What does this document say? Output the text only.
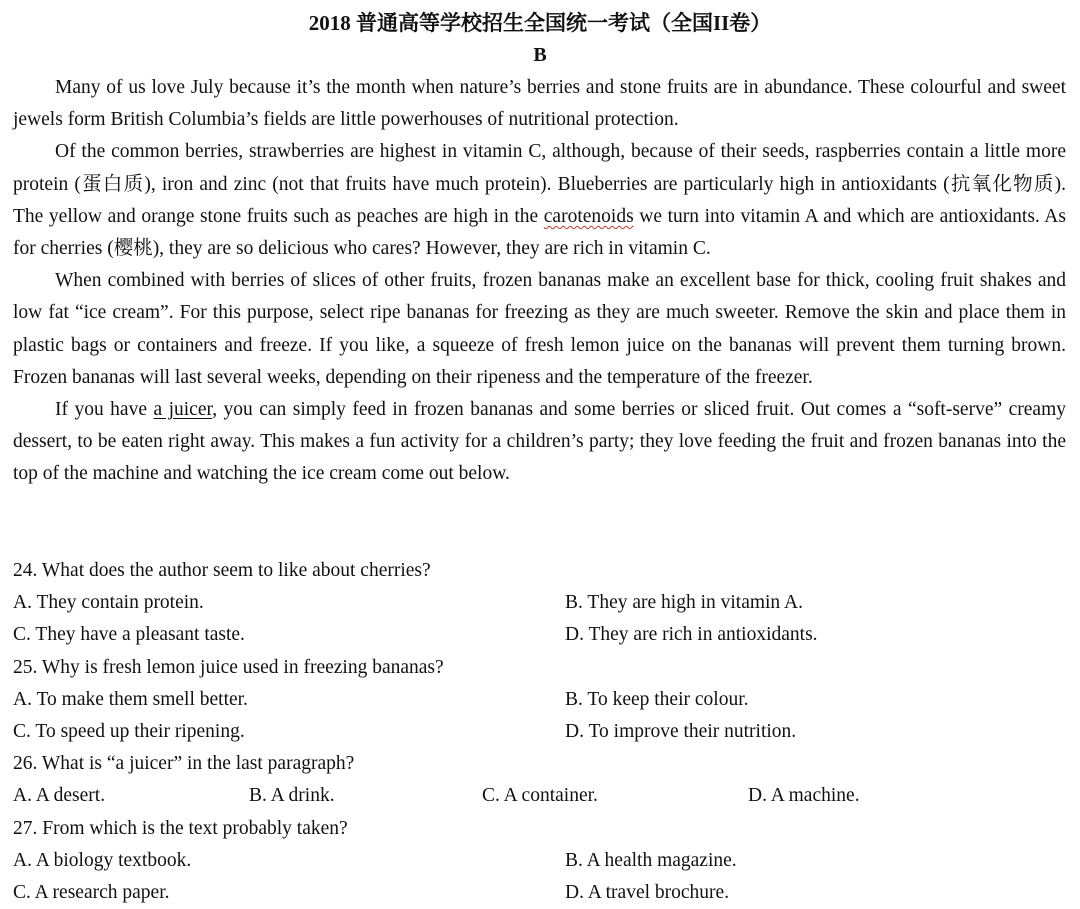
2018 普通高等学校招生全国统一考试（全国II卷）
B

Many of us love July because it’s the month when nature’s berries and stone fruits are in abundance. These colourful and sweet jewels form British Columbia’s fields are little powerhouses of nutritional protection.

Of the common berries, strawberries are highest in vitamin C, although, because of their seeds, raspberries contain a little more protein (蛋白质), iron and zinc (not that fruits have much protein). Blueberries are particularly high in antioxidants (抗氧化物质). The yellow and orange stone fruits such as peaches are high in the carotenoids we turn into vitamin A and which are antioxidants. As for cherries (樱桃), they are so delicious who cares? However, they are rich in vitamin C.

When combined with berries of slices of other fruits, frozen bananas make an excellent base for thick, cooling fruit shakes and low fat “ice cream”. For this purpose, select ripe bananas for freezing as they are much sweeter. Remove the skin and place them in plastic bags or containers and freeze. If you like, a squeeze of fresh lemon juice on the bananas will prevent them turning brown. Frozen bananas will last several weeks, depending on their ripeness and the temperature of the freezer.

If you have a juicer, you can simply feed in frozen bananas and some berries or sliced fruit. Out comes a “soft-serve” creamy dessert, to be eaten right away. This makes a fun activity for a children’s party; they love feeding the fruit and frozen bananas into the top of the machine and watching the ice cream come out below.

24. What does the author seem to like about cherries?
A. They contain protein.	B. They are high in vitamin A.
C. They have a pleasant taste.	D. They are rich in antioxidants.
25. Why is fresh lemon juice used in freezing bananas?
A. To make them smell better.	B. To keep their colour.
C. To speed up their ripening.	D. To improve their nutrition.
26. What is “a juicer” in the last paragraph?
A. A desert.	B. A drink.	C. A container.	D. A machine.
27. From which is the text probably taken?
A. A biology textbook.	B. A health magazine.
C. A research paper.	D. A travel brochure.
